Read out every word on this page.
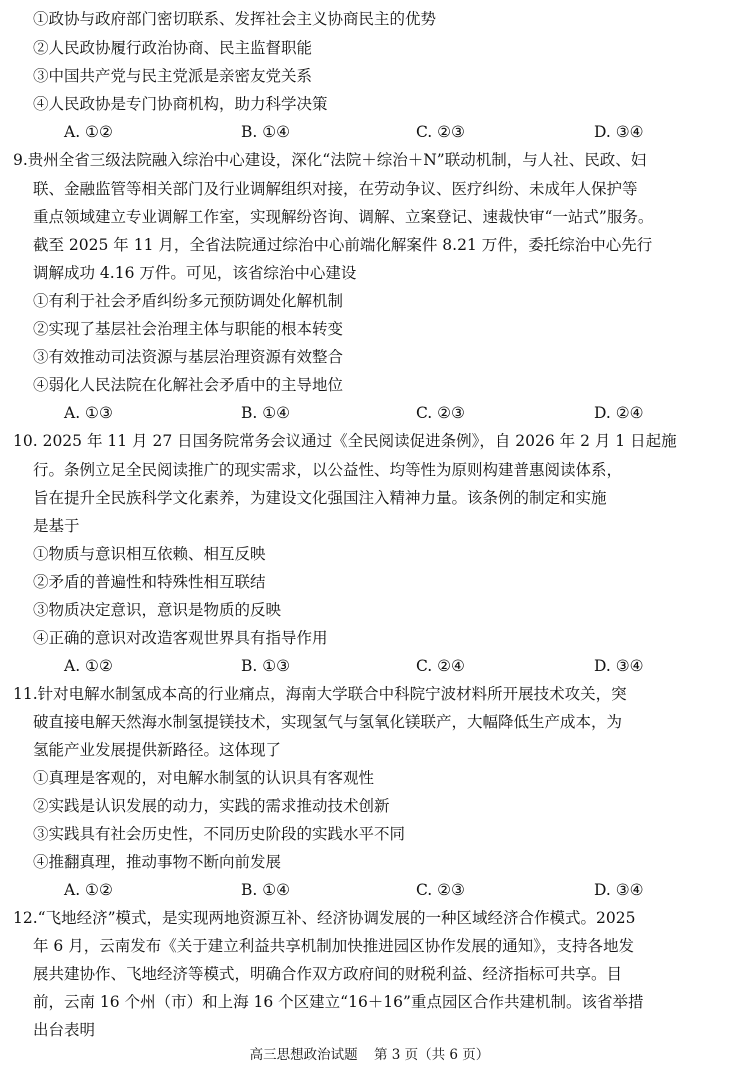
①政协与政府部门密切联系、发挥社会主义协商民主的优势
②人民政协履行政治协商、民主监督职能
③中国共产党与民主党派是亲密友党关系
④人民政协是专门协商机构，助力科学决策
A. ①②	B. ①④	C. ②③	D. ③④
9.贵州全省三级法院融入综治中心建设，深化“法院＋综治＋N”联动机制，与人社、民政、妇
联、金融监管等相关部门及行业调解组织对接，在劳动争议、医疗纠纷、未成年人保护等
重点领域建立专业调解工作室，实现解纷咨询、调解、立案登记、速裁快审“一站式”服务。
截至 2025 年 11 月，全省法院通过综治中心前端化解案件 8.21 万件，委托综治中心先行
调解成功 4.16 万件。可见，该省综治中心建设
①有利于社会矛盾纠纷多元预防调处化解机制
②实现了基层社会治理主体与职能的根本转变
③有效推动司法资源与基层治理资源有效整合
④弱化人民法院在化解社会矛盾中的主导地位
A. ①③	B. ①④	C. ②③	D. ②④
10. 2025 年 11 月 27 日国务院常务会议通过《全民阅读促进条例》，自 2026 年 2 月 1 日起施
行。条例立足全民阅读推广的现实需求，以公益性、均等性为原则构建普惠阅读体系，
旨在提升全民族科学文化素养，为建设文化强国注入精神力量。该条例的制定和实施
是基于
①物质与意识相互依赖、相互反映
②矛盾的普遍性和特殊性相互联结
③物质决定意识，意识是物质的反映
④正确的意识对改造客观世界具有指导作用
A. ①②	B. ①③	C. ②④	D. ③④
11.针对电解水制氢成本高的行业痛点，海南大学联合中科院宁波材料所开展技术攻关，突
破直接电解天然海水制氢提镁技术，实现氢气与氢氧化镁联产，大幅降低生产成本，为
氢能产业发展提供新路径。这体现了
①真理是客观的，对电解水制氢的认识具有客观性
②实践是认识发展的动力，实践的需求推动技术创新
③实践具有社会历史性，不同历史阶段的实践水平不同
④推翻真理，推动事物不断向前发展
A. ①②	B. ①④	C. ②③	D. ③④
12.“飞地经济”模式，是实现两地资源互补、经济协调发展的一种区域经济合作模式。2025
年 6 月，云南发布《关于建立利益共享机制加快推进园区协作发展的通知》，支持各地发
展共建协作、飞地经济等模式，明确合作双方政府间的财税利益、经济指标可共享。目
前，云南 16 个州（市）和上海 16 个区建立“16＋16”重点园区合作共建机制。该省举措
出台表明
高三思想政治试题 第 3 页（共 6 页）
